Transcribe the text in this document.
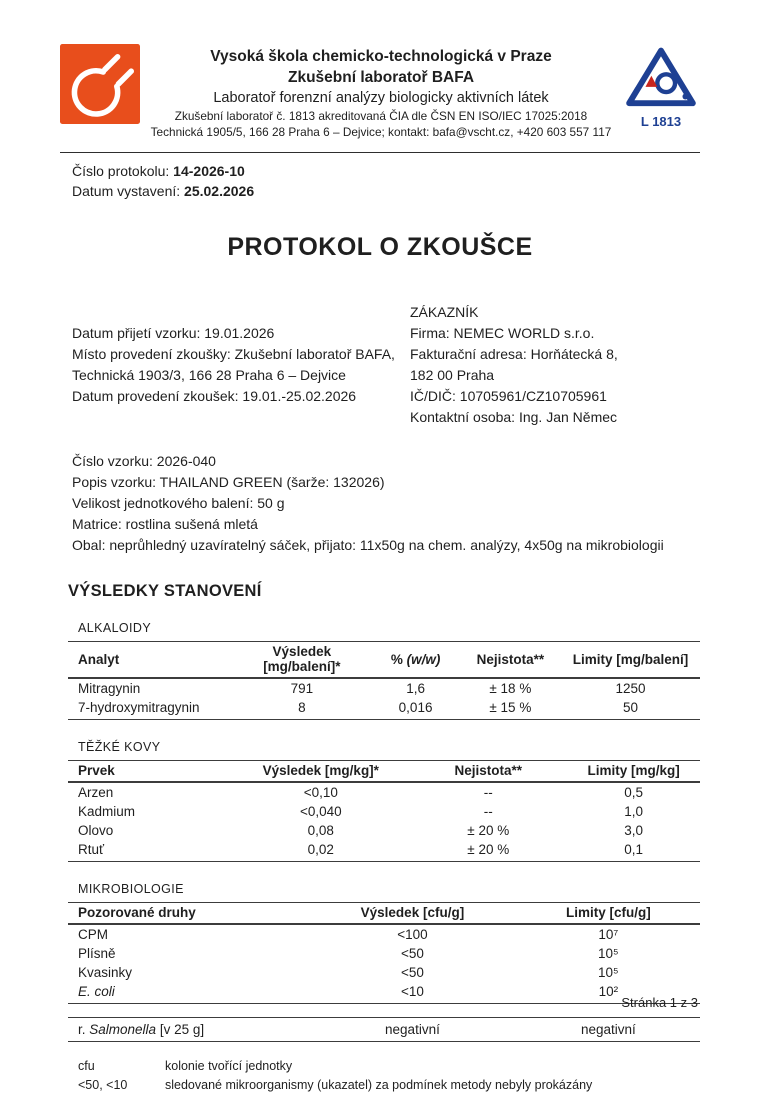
Vysoká škola chemicko-technologická v Praze
Zkušební laboratoř BAFA
Laboratoř forenzní analýzy biologicky aktivních látek
Zkušební laboratoř č. 1813 akreditovaná ČIA dle ČSN EN ISO/IEC 17025:2018
Technická 1905/5, 166 28 Praha 6 – Dejvice; kontakt: bafa@vscht.cz, +420 603 557 117
L 1813
Číslo protokolu: 14-2026-10
Datum vystavení: 25.02.2026
PROTOKOL O ZKOUŠCE
Datum přijetí vzorku: 19.01.2026
Místo provedení zkoušky: Zkušební laboratoř BAFA,
Technická 1903/3, 166 28 Praha 6 – Dejvice
Datum provedení zkoušek: 19.01.-25.02.2026
ZÁKAZNÍK
Firma: NEMEC WORLD s.r.o.
Fakturační adresa: Horňátecká 8,
182 00 Praha
IČ/DIČ: 10705961/CZ10705961
Kontaktní osoba: Ing. Jan Němec
Číslo vzorku: 2026-040
Popis vzorku: THAILAND GREEN (šarže: 132026)
Velikost jednotkového balení: 50 g
Matrice: rostlina sušená mletá
Obal: neprůhledný uzavíratelný sáček, přijato: 11x50g na chem. analýzy, 4x50g na mikrobiologii
VÝSLEDKY STANOVENÍ
ALKALOIDY
Analyt	Výsledek [mg/balení]*	% (w/w)	Nejistota**	Limity [mg/balení]
Mitragynin	791	1,6	± 18 %	1250
7-hydroxymitragynin	8	0,016	± 15 %	50
TĚŽKÉ KOVY
Prvek	Výsledek [mg/kg]*	Nejistota**	Limity [mg/kg]
Arzen	<0,10	--	0,5
Kadmium	<0,040	--	1,0
Olovo	0,08	± 20 %	3,0
Rtuť	0,02	± 20 %	0,1
MIKROBIOLOGIE
Pozorované druhy	Výsledek [cfu/g]	Limity [cfu/g]
CPM	<100	10⁷
Plísně	<50	10⁵
Kvasinky	<50	10⁵
E. coli	<10	10²
r. Salmonella [v 25 g]	negativní	negativní
cfu	kolonie tvořící jednotky
<50, <10	sledované mikroorganismy (ukazatel) za podmínek metody nebyly prokázány
Stránka 1 z 3
